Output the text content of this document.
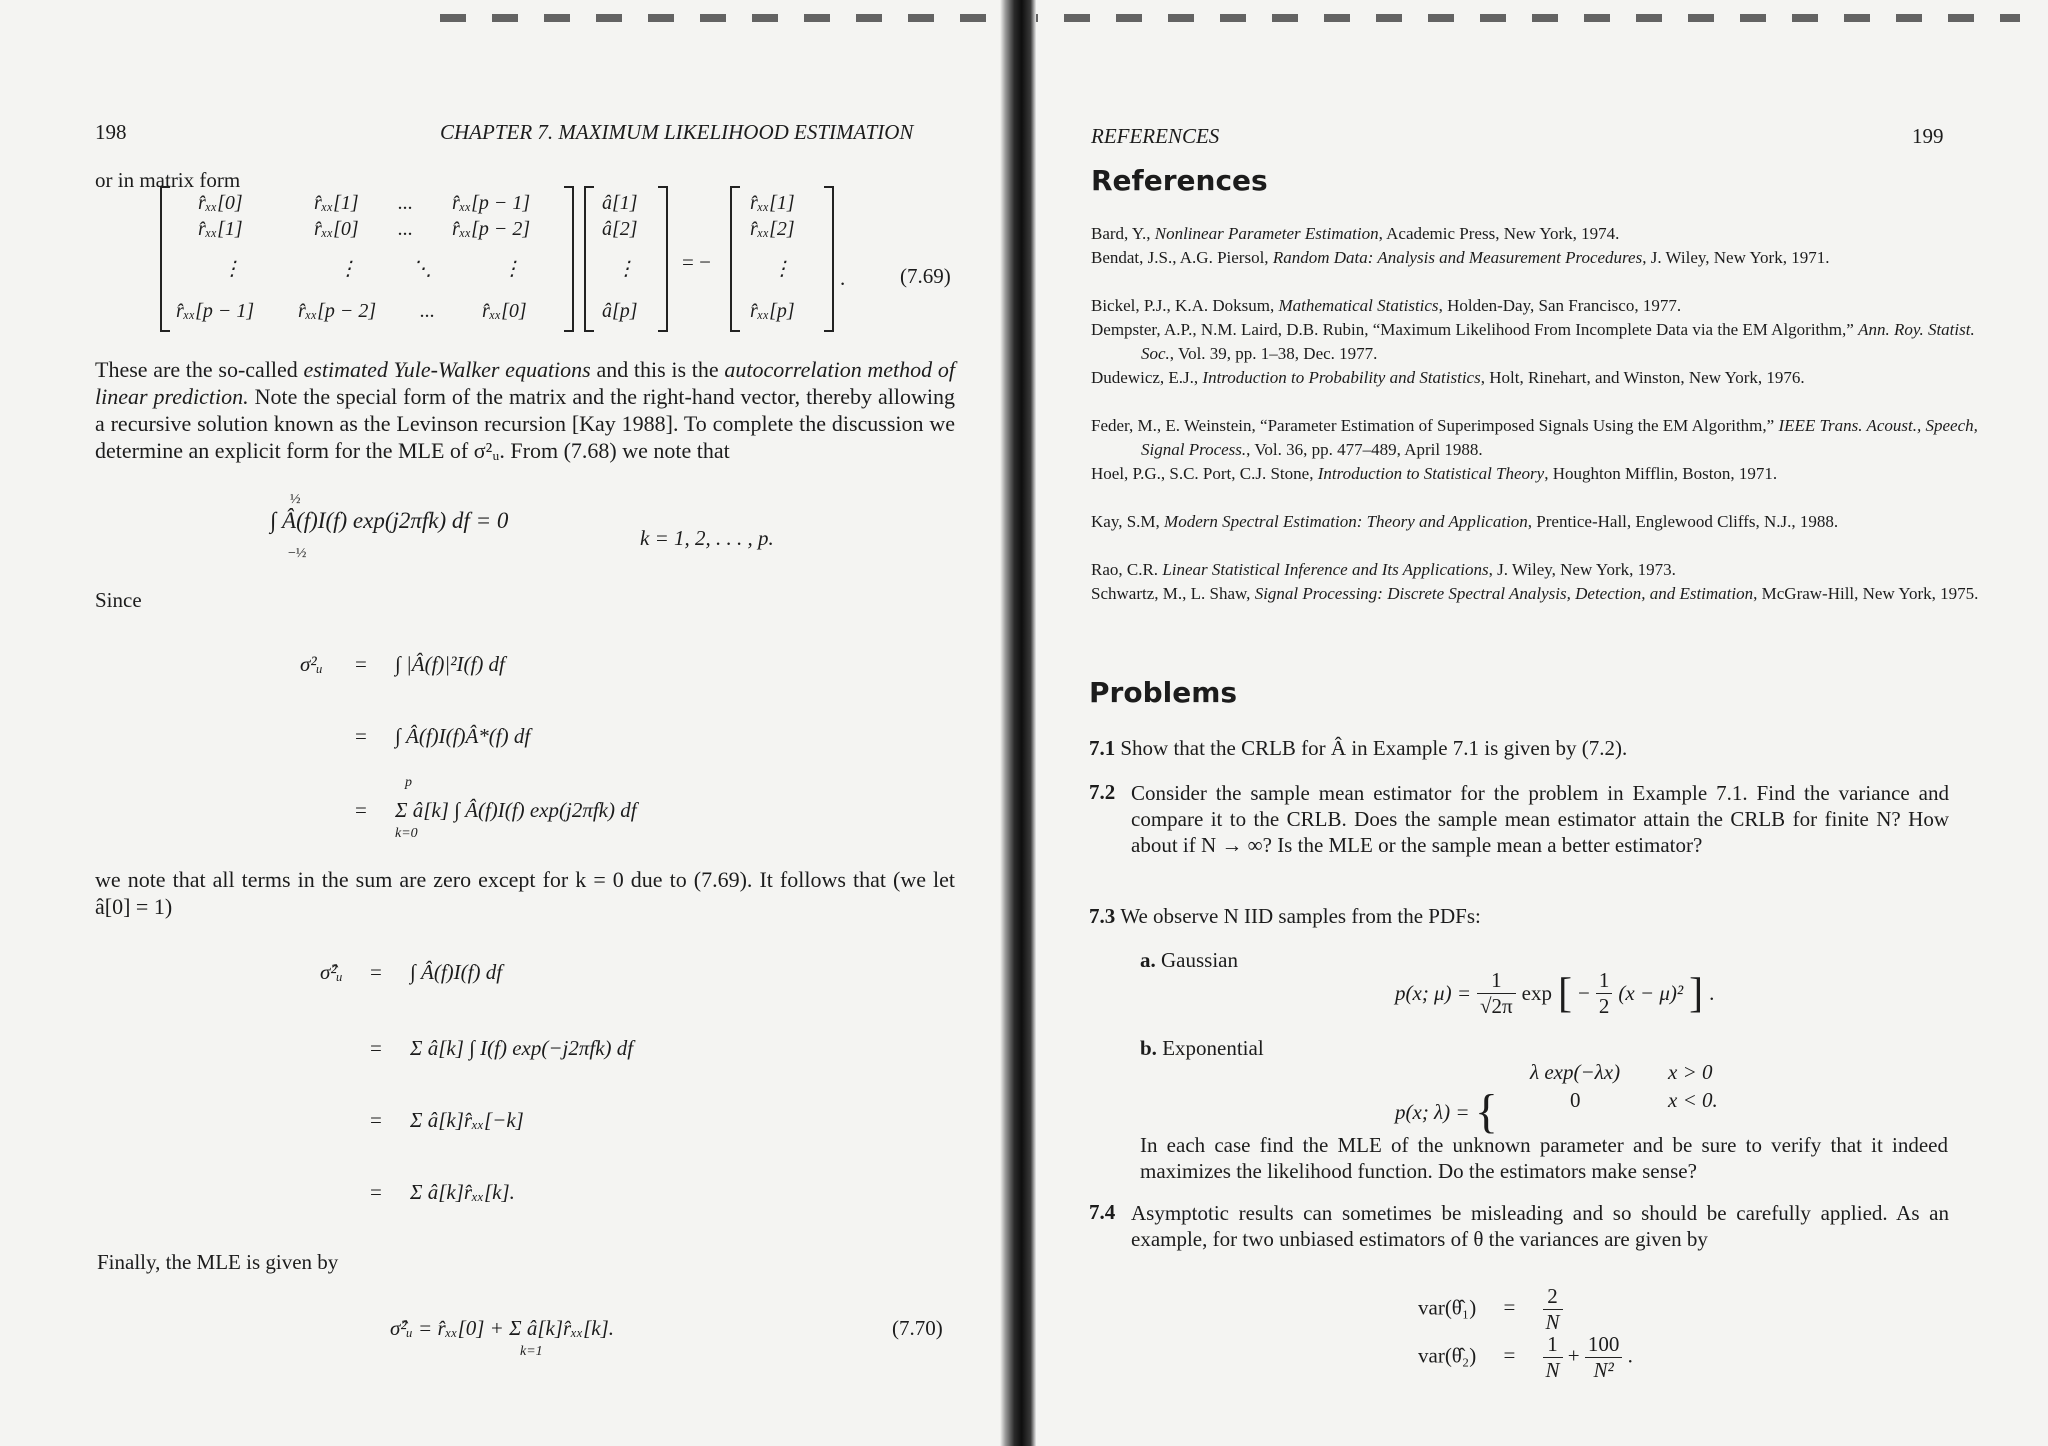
198	CHAPTER 7. MAXIMUM LIKELIHOOD ESTIMATION
or in matrix form
r̂ₓₓ[0]	r̂ₓₓ[1] ... r̂ₓₓ[p − 1]
r̂ₓₓ[1]	r̂ₓₓ[0] ... r̂ₓₓ[p − 2]
⋮	⋮	⋱	⋮
r̂ₓₓ[p − 1] r̂ₓₓ[p − 2] ... r̂ₓₓ[0]
â[1]
â[2]
⋮
â[p]
= −
r̂ₓₓ[1]
r̂ₓₓ[2]
⋮
r̂ₓₓ[p]
.	(7.69)
These are the so-called estimated Yule-Walker equations and this is the autocorrelation method of linear prediction. Note the special form of the matrix and the right-hand vector, thereby allowing a recursive solution known as the Levinson recursion [Kay 1988]. To complete the discussion we determine an explicit form for the MLE of σ²ᵤ. From (7.68) we note that
½
−½
∫ Â(f)I(f) exp(j2πfk) df = 0
k = 1, 2, . . . , p.
Since
σ²ᵤ = ∫ |Â(f)|²I(f) df
= ∫ Â(f)I(f)Â*(f) df
p
= Σ â[k] ∫ Â(f)I(f) exp(j2πfk) df
k=0
we note that all terms in the sum are zero except for k = 0 due to (7.69). It follows that (we let â[0] = 1)
σ̂²ᵤ = ∫ Â(f)I(f) df
= Σ â[k] ∫ I(f) exp(−j2πfk) df
= Σ â[k]r̂ₓₓ[−k]
= Σ â[k]r̂ₓₓ[k].
Finally, the MLE is given by
σ̂²ᵤ = r̂ₓₓ[0] + Σ â[k]r̂ₓₓ[k].
k=1
(7.70)
REFERENCES	199
References
Bard, Y., Nonlinear Parameter Estimation, Academic Press, New York, 1974.
Bendat, J.S., A.G. Piersol, Random Data: Analysis and Measurement Procedures, J. Wiley, New York, 1971.
Bickel, P.J., K.A. Doksum, Mathematical Statistics, Holden-Day, San Francisco, 1977.
Dempster, A.P., N.M. Laird, D.B. Rubin, “Maximum Likelihood From Incomplete Data via the EM Algorithm,” Ann. Roy. Statist. Soc., Vol. 39, pp. 1–38, Dec. 1977.
Dudewicz, E.J., Introduction to Probability and Statistics, Holt, Rinehart, and Winston, New York, 1976.
Feder, M., E. Weinstein, “Parameter Estimation of Superimposed Signals Using the EM Algorithm,” IEEE Trans. Acoust., Speech, Signal Process., Vol. 36, pp. 477–489, April 1988.
Hoel, P.G., S.C. Port, C.J. Stone, Introduction to Statistical Theory, Houghton Mifflin, Boston, 1971.
Kay, S.M, Modern Spectral Estimation: Theory and Application, Prentice-Hall, Englewood Cliffs, N.J., 1988.
Rao, C.R. Linear Statistical Inference and Its Applications, J. Wiley, New York, 1973.
Schwartz, M., L. Shaw, Signal Processing: Discrete Spectral Analysis, Detection, and Estimation, McGraw-Hill, New York, 1975.
Problems
7.1 Show that the CRLB for Â in Example 7.1 is given by (7.2).
7.2 Consider the sample mean estimator for the problem in Example 7.1. Find the variance and compare it to the CRLB. Does the sample mean estimator attain the CRLB for finite N? How about if N → ∞? Is the MLE or the sample mean a better estimator?
7.3 We observe N IID samples from the PDFs:
a. Gaussian
p(x; $\mu) = \frac{1}{√2\pi}$ exp [ − $\frac{1}{2} (x - \mu)^2$ ] .
b. Exponential
p(x; λ) = {
λ exp(−λx) x > 0
0	x < 0.
In each case find the MLE of the unknown parameter and be sure to verify that it indeed maximizes the likelihood function. Do the estimators make sense?
7.4 Asymptotic results can sometimes be misleading and so should be carefully applied. As an example, for two unbiased estimators of θ the variances are given by
var(θ̂₁) = $\frac{2}{N}$
var(θ̂₂) = $\frac{1}{N} + \frac{100}{\text{N²}}$ .
